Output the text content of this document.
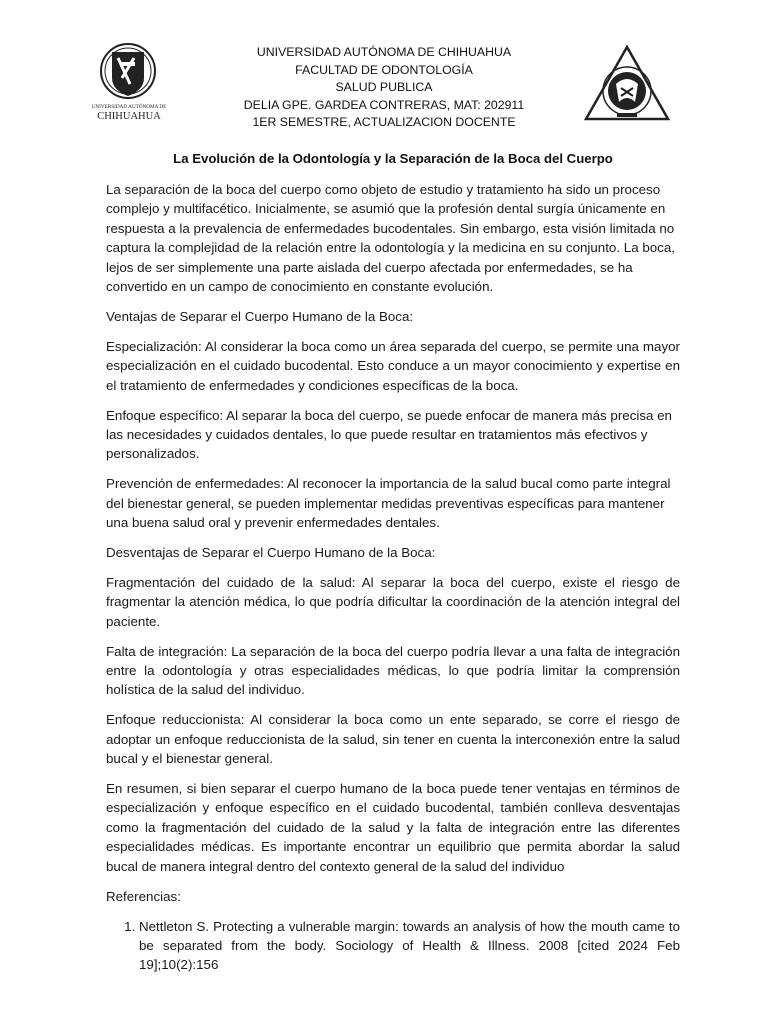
UNIVERSIDAD AUTÓNOMA DE
CHIHUAHUA
UNIVERSIDAD AUTÓNOMA DE CHIHUAHUA
FACULTAD DE ODONTOLOGÍA
SALUD PUBLICA
DELIA GPE. GARDEA CONTRERAS, MAT: 202911
1ER SEMESTRE, ACTUALIZACION DOCENTE
La Evolución de la Odontología y la Separación de la Boca del Cuerpo

La separación de la boca del cuerpo como objeto de estudio y tratamiento ha sido un proceso complejo y multifacético. Inicialmente, se asumió que la profesión dental surgía únicamente en respuesta a la prevalencia de enfermedades bucodentales. Sin embargo, esta visión limitada no captura la complejidad de la relación entre la odontología y la medicina en su conjunto. La boca, lejos de ser simplemente una parte aislada del cuerpo afectada por enfermedades, se ha convertido en un campo de conocimiento en constante evolución.

Ventajas de Separar el Cuerpo Humano de la Boca:

Especialización: Al considerar la boca como un área separada del cuerpo, se permite una mayor especialización en el cuidado bucodental. Esto conduce a un mayor conocimiento y expertise en el tratamiento de enfermedades y condiciones específicas de la boca.

Enfoque específico: Al separar la boca del cuerpo, se puede enfocar de manera más precisa en las necesidades y cuidados dentales, lo que puede resultar en tratamientos más efectivos y personalizados.

Prevención de enfermedades: Al reconocer la importancia de la salud bucal como parte integral del bienestar general, se pueden implementar medidas preventivas específicas para mantener una buena salud oral y prevenir enfermedades dentales.

Desventajas de Separar el Cuerpo Humano de la Boca:

Fragmentación del cuidado de la salud: Al separar la boca del cuerpo, existe el riesgo de fragmentar la atención médica, lo que podría dificultar la coordinación de la atención integral del paciente.

Falta de integración: La separación de la boca del cuerpo podría llevar a una falta de integración entre la odontología y otras especialidades médicas, lo que podría limitar la comprensión holística de la salud del individuo.

Enfoque reduccionista: Al considerar la boca como un ente separado, se corre el riesgo de adoptar un enfoque reduccionista de la salud, sin tener en cuenta la interconexión entre la salud bucal y el bienestar general.

En resumen, si bien separar el cuerpo humano de la boca puede tener ventajas en términos de especialización y enfoque específico en el cuidado bucodental, también conlleva desventajas como la fragmentación del cuidado de la salud y la falta de integración entre las diferentes especialidades médicas. Es importante encontrar un equilibrio que permita abordar la salud bucal de manera integral dentro del contexto general de la salud del individuo

Referencias:

1. Nettleton S. Protecting a vulnerable margin: towards an analysis of how the mouth came to be separated from the body. Sociology of Health & Illness. 2008 [cited 2024 Feb 19];10(2):156
